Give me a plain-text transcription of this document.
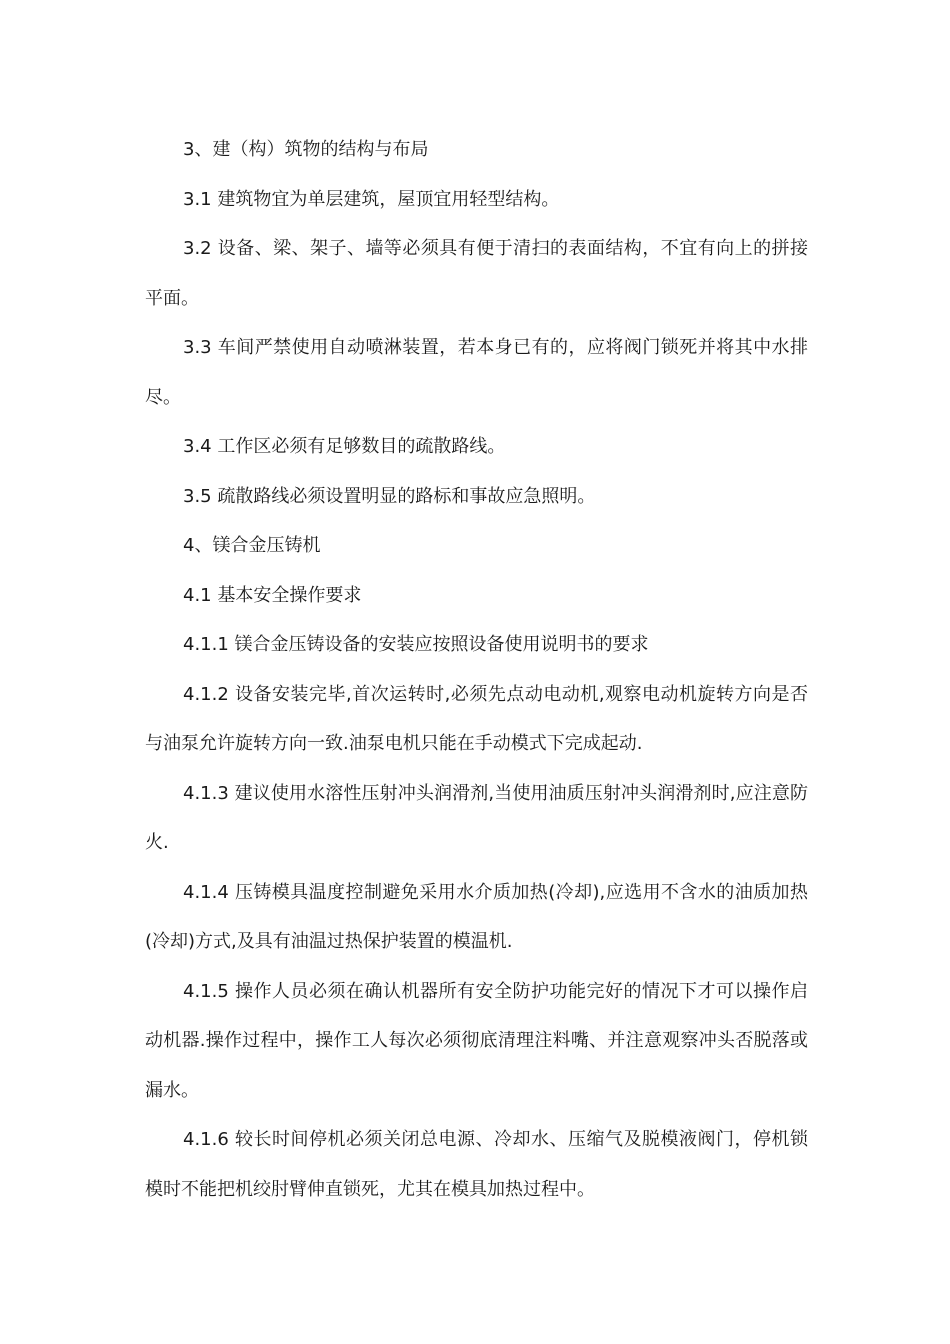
3、建（构）筑物的结构与布局

3.1 建筑物宜为单层建筑，屋顶宜用轻型结构。

3.2 设备、梁、架子、墙等必须具有便于清扫的表面结构，不宜有向上的拼接平面。

3.3 车间严禁使用自动喷淋装置，若本身已有的，应将阀门锁死并将其中水排尽。

3.4 工作区必须有足够数目的疏散路线。

3.5 疏散路线必须设置明显的路标和事故应急照明。

4、镁合金压铸机

4.1 基本安全操作要求

4.1.1 镁合金压铸设备的安装应按照设备使用说明书的要求

4.1.2 设备安装完毕,首次运转时,必须先点动电动机,观察电动机旋转方向是否与油泵允许旋转方向一致.油泵电机只能在手动模式下完成起动.

4.1.3 建议使用水溶性压射冲头润滑剂,当使用油质压射冲头润滑剂时,应注意防火.

4.1.4 压铸模具温度控制避免采用水介质加热(冷却),应选用不含水的油质加热(冷却)方式,及具有油温过热保护装置的模温机.

4.1.5 操作人员必须在确认机器所有安全防护功能完好的情况下才可以操作启动机器.操作过程中，操作工人每次必须彻底清理注料嘴、并注意观察冲头否脱落或漏水。

4.1.6 较长时间停机必须关闭总电源、冷却水、压缩气及脱模液阀门，停机锁模时不能把机绞肘臂伸直锁死，尤其在模具加热过程中。
